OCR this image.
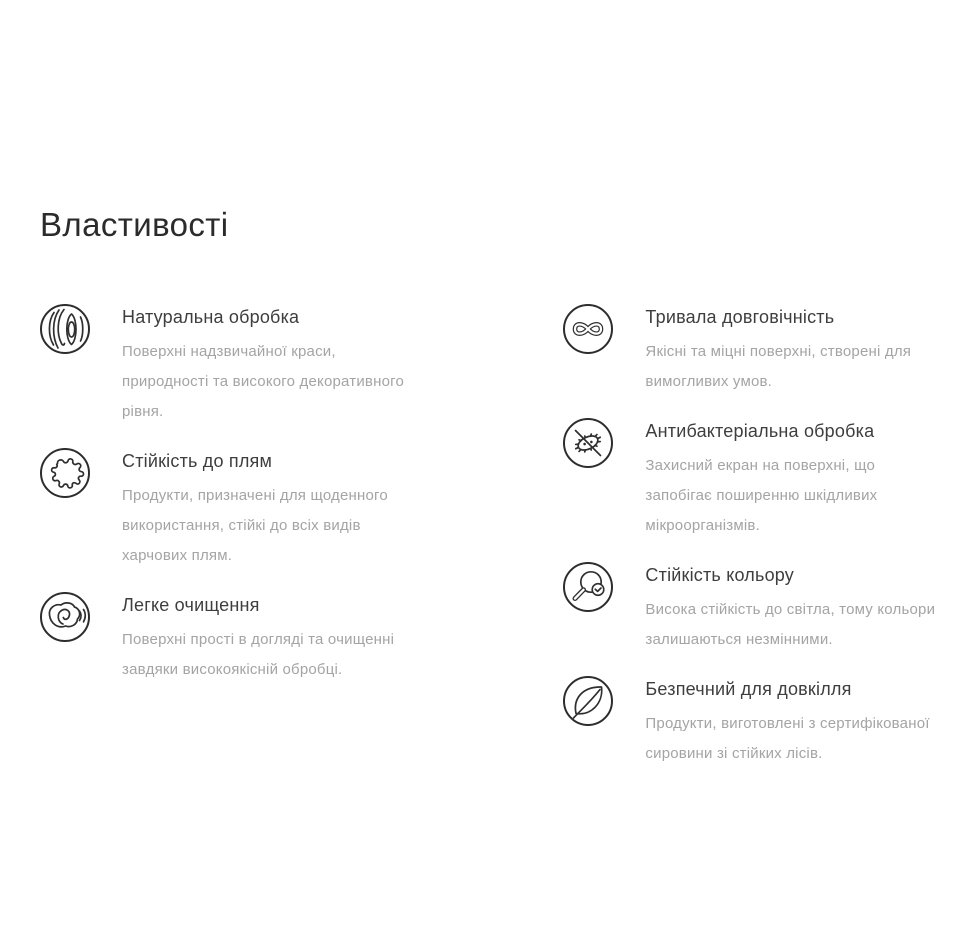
Властивості
Натуральна обробка

Поверхні надзвичайної краси, природності та високого декоративного рівня.

Стійкість до плям

Продукти, призначені для щоденного використання, стійкі до всіх видів харчових плям.

Легке очищення

Поверхні прості в догляді та очищенні завдяки високоякісній обробці.

Тривала довговічність

Якісні та міцні поверхні, створені для вимогливих умов.

Антибактеріальна обробка

Захисний екран на поверхні, що запобігає поширенню шкідливих мікроорганізмів.

Стійкість кольору

Висока стійкість до світла, тому кольори залишаються незмінними.

Безпечний для довкілля

Продукти, виготовлені з сертифікованої сировини зі стійких лісів.
